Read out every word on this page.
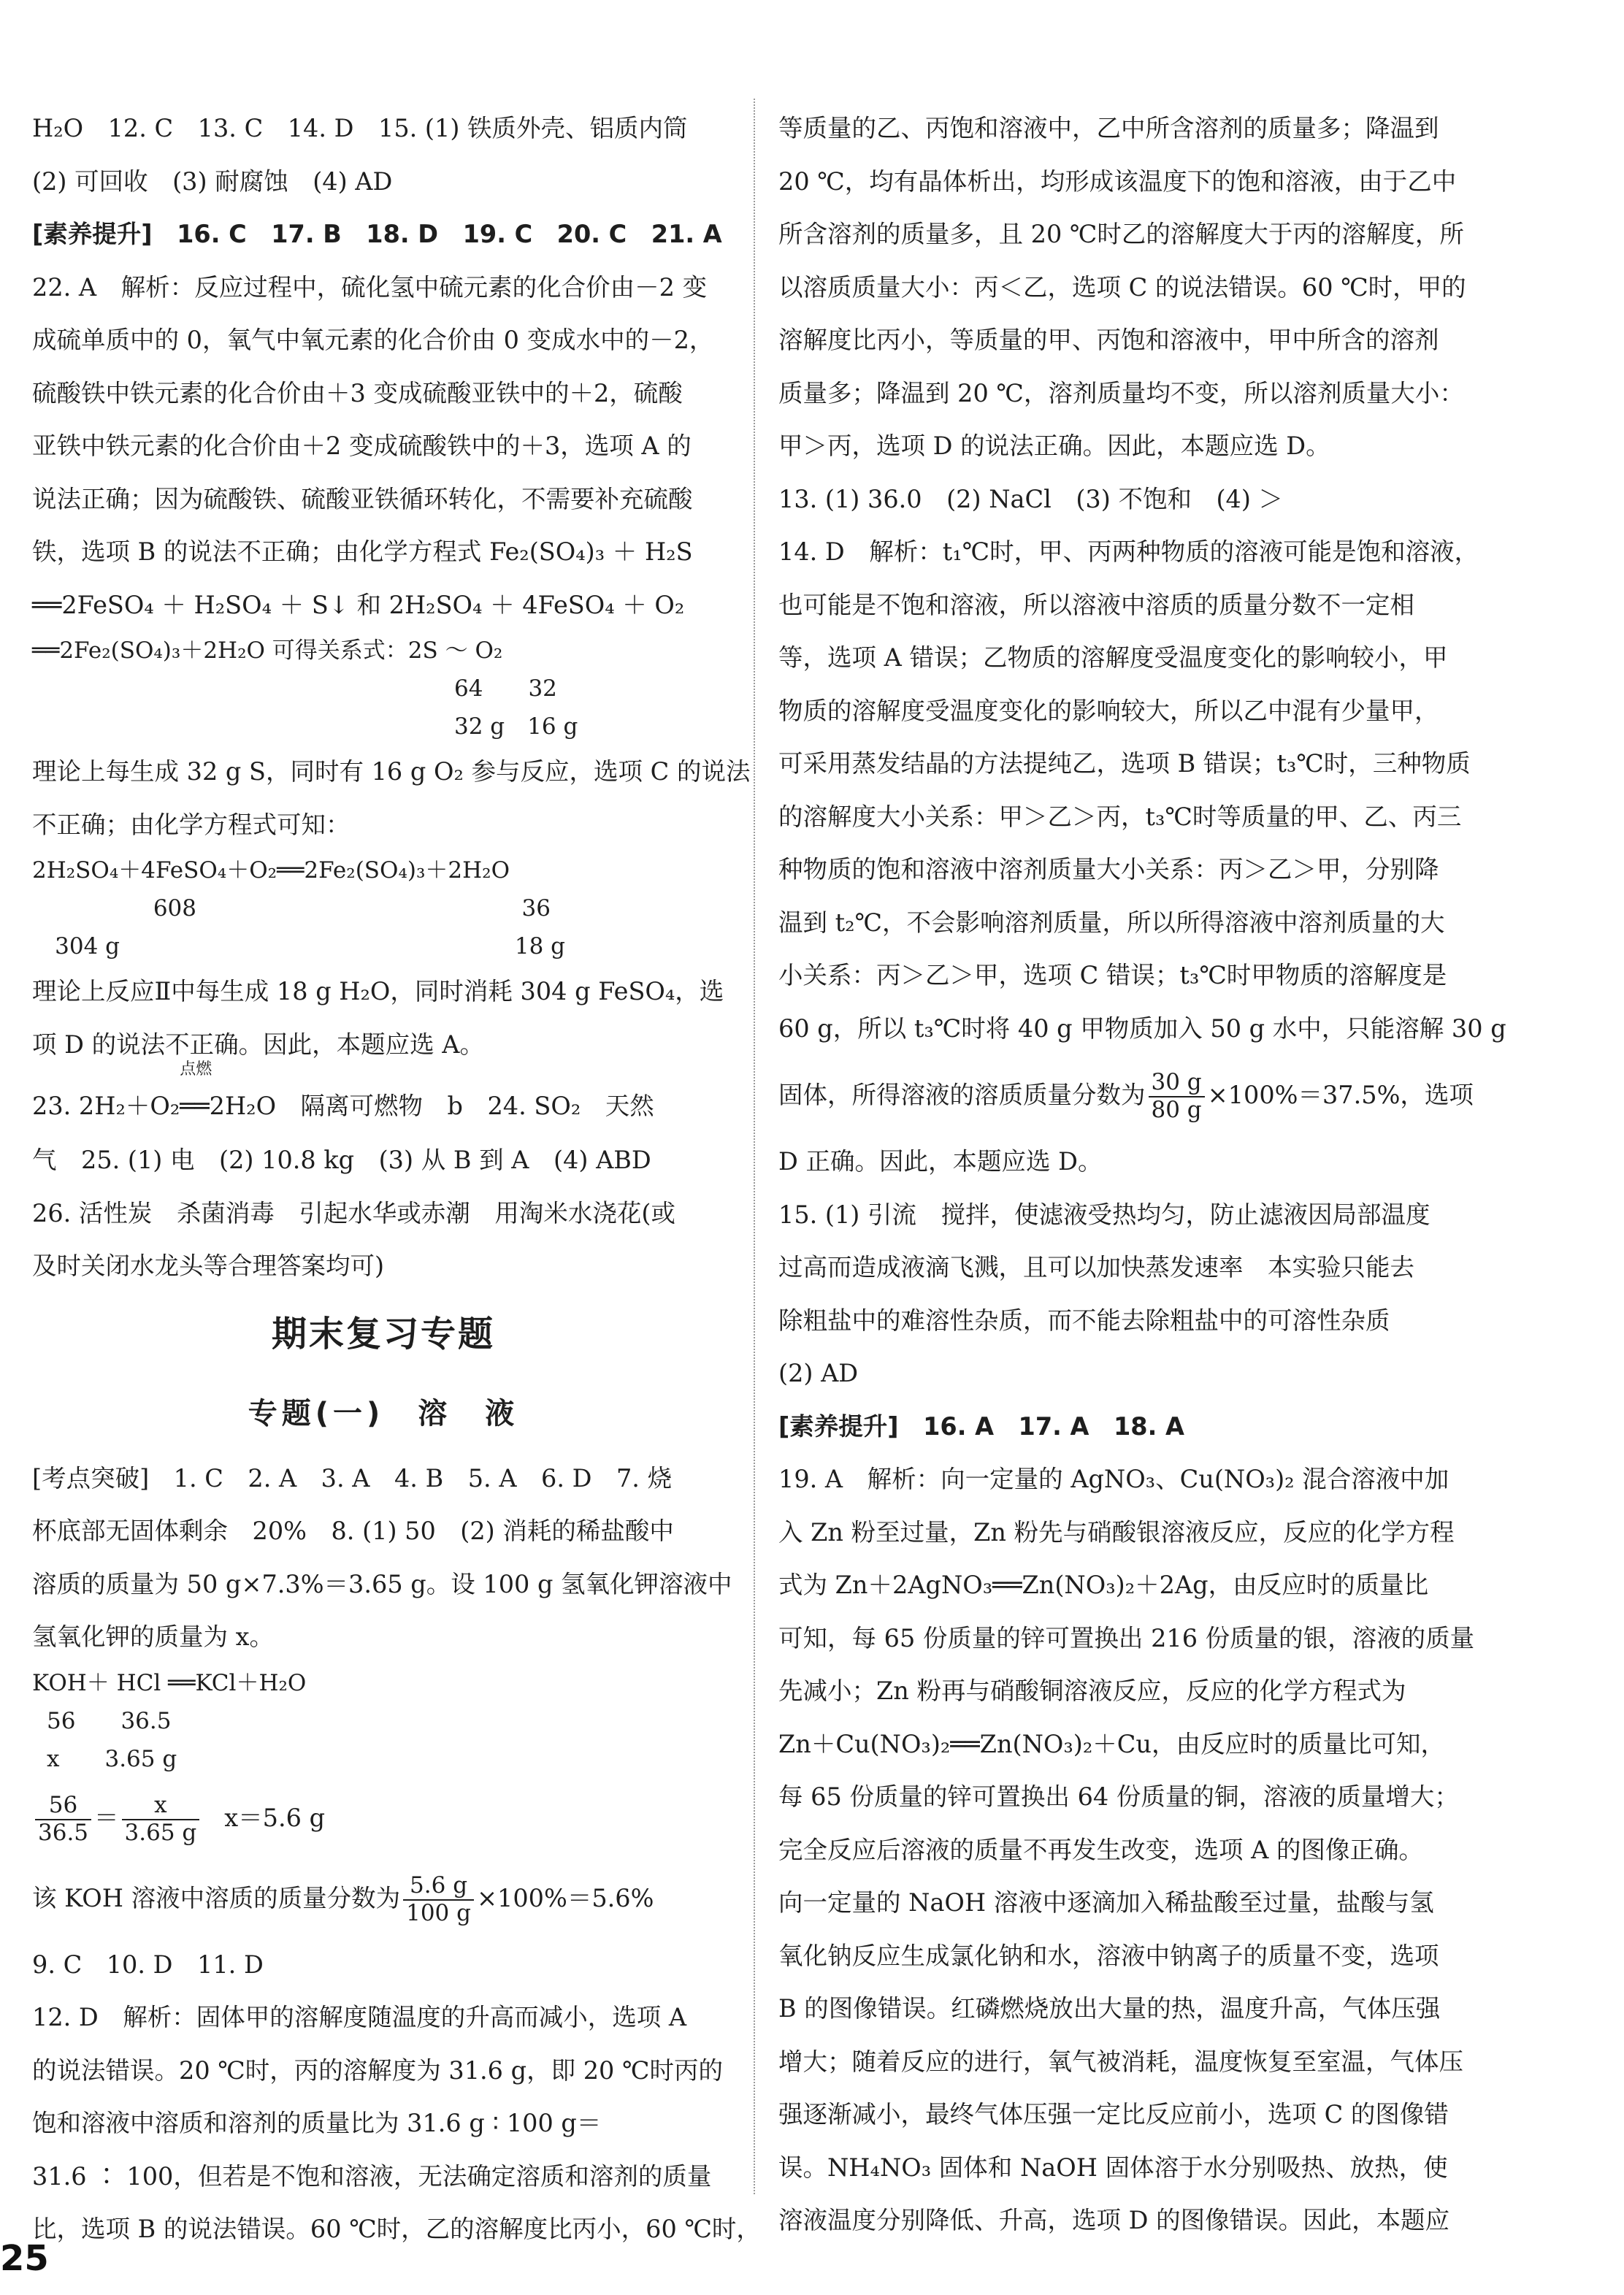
H₂O　12. C　13. C　14. D　15. (1) 铁质外壳、铝质内筒
(2) 可回收　(3) 耐腐蚀　(4) AD
[素养提升]　16. C　17. B　18. D　19. C　20. C　21. A
22. A　解析：反应过程中，硫化氢中硫元素的化合价由－2 变
成硫单质中的 0，氧气中氧元素的化合价由 0 变成水中的－2，
硫酸铁中铁元素的化合价由＋3 变成硫酸亚铁中的＋2，硫酸
亚铁中铁元素的化合价由＋2 变成硫酸铁中的＋3，选项 A 的
说法正确；因为硫酸铁、硫酸亚铁循环转化，不需要补充硫酸
铁，选项 B 的说法不正确；由化学方程式 Fe₂(SO₄)₃ ＋ H₂S
══2FeSO₄ ＋ H₂SO₄ ＋ S↓ 和 2H₂SO₄ ＋ 4FeSO₄ ＋ O₂
══2Fe₂(SO₄)₃＋2H₂O 可得关系式：2S ～ O₂
64　　32
32 g　16 g
理论上每生成 32 g S，同时有 16 g O₂ 参与反应，选项 C 的说法
不正确；由化学方程式可知：
2H₂SO₄＋4FeSO₄＋O₂══2Fe₂(SO₄)₃＋2H₂O
608	36
304 g	18 g
理论上反应Ⅱ中每生成 18 g H₂O，同时消耗 304 g FeSO₄，选
项 D 的说法不正确。因此，本题应选 A。
23. 2H₂＋O₂
点燃
══2H₂O　隔离可燃物　b　24. SO₂　天然
气　25. (1) 电　(2) 10.8 kg　(3) 从 B 到 A　(4) ABD
26. 活性炭　杀菌消毒　引起水华或赤潮　用淘米水浇花(或
及时关闭水龙头等合理答案均可)
期末复习专题
专题(一)　溶　液
[考点突破]　1. C　2. A　3. A　4. B　5. A　6. D　7. 烧
杯底部无固体剩余　20%　8. (1) 50　(2) 消耗的稀盐酸中
溶质的质量为 50 g×7.3%＝3.65 g。设 100 g 氢氧化钾溶液中
氢氧化钾的质量为 x。
KOH＋ HCl ══KCl＋H₂O
56　　36.5
x　　3.65 g
$\frac{56}{36.5} = \frac{x}{3.65 g} x=5.6$ g
该 KOH 溶液中溶质的质量分数为 $\frac{5.6 g}{100 g} \times 100\%=5.6\%$
9. C　10. D　11. D
12. D　解析：固体甲的溶解度随温度的升高而减小，选项 A
的说法错误。20 ℃时，丙的溶解度为 31.6 g，即 20 ℃时丙的
饱和溶液中溶质和溶剂的质量比为 31.6 g ∶ 100 g＝
31.6 ∶ 100，但若是不饱和溶液，无法确定溶质和溶剂的质量
比，选项 B 的说法错误。60 ℃时，乙的溶解度比丙小，60 ℃时，
等质量的乙、丙饱和溶液中，乙中所含溶剂的质量多；降温到
20 ℃，均有晶体析出，均形成该温度下的饱和溶液，由于乙中
所含溶剂的质量多，且 20 ℃时乙的溶解度大于丙的溶解度，所
以溶质质量大小：丙＜乙，选项 C 的说法错误。60 ℃时，甲的
溶解度比丙小，等质量的甲、丙饱和溶液中，甲中所含的溶剂
质量多；降温到 20 ℃，溶剂质量均不变，所以溶剂质量大小：
甲＞丙，选项 D 的说法正确。因此，本题应选 D。
13. (1) 36.0　(2) NaCl　(3) 不饱和　(4) ＞
14. D　解析：t₁℃时，甲、丙两种物质的溶液可能是饱和溶液，
也可能是不饱和溶液，所以溶液中溶质的质量分数不一定相
等，选项 A 错误；乙物质的溶解度受温度变化的影响较小，甲
物质的溶解度受温度变化的影响较大，所以乙中混有少量甲，
可采用蒸发结晶的方法提纯乙，选项 B 错误；t₃℃时，三种物质
的溶解度大小关系：甲＞乙＞丙，t₃℃时等质量的甲、乙、丙三
种物质的饱和溶液中溶剂质量大小关系：丙＞乙＞甲，分别降
温到 t₂℃，不会影响溶剂质量，所以所得溶液中溶剂质量的大
小关系：丙＞乙＞甲，选项 C 错误；t₃℃时甲物质的溶解度是
60 g，所以 t₃℃时将 40 g 甲物质加入 50 g 水中，只能溶解 30 g
固体，所得溶液的溶质质量分数为 $\frac{30 g}{80 g} \times 100\%=37.5\%$，选项
D 正确。因此，本题应选 D。
15. (1) 引流　搅拌，使滤液受热均匀，防止滤液因局部温度
过高而造成液滴飞溅，且可以加快蒸发速率　本实验只能去
除粗盐中的难溶性杂质，而不能去除粗盐中的可溶性杂质
(2) AD
[素养提升]　16. A　17. A　18. A
19. A　解析：向一定量的 AgNO₃、Cu(NO₃)₂ 混合溶液中加
入 Zn 粉至过量，Zn 粉先与硝酸银溶液反应，反应的化学方程
式为 Zn＋2AgNO₃══Zn(NO₃)₂＋2Ag，由反应时的质量比
可知，每 65 份质量的锌可置换出 216 份质量的银，溶液的质量
先减小；Zn 粉再与硝酸铜溶液反应，反应的化学方程式为
Zn＋Cu(NO₃)₂══Zn(NO₃)₂＋Cu，由反应时的质量比可知，
每 65 份质量的锌可置换出 64 份质量的铜，溶液的质量增大；
完全反应后溶液的质量不再发生改变，选项 A 的图像正确。
向一定量的 NaOH 溶液中逐滴加入稀盐酸至过量，盐酸与氢
氧化钠反应生成氯化钠和水，溶液中钠离子的质量不变，选项
B 的图像错误。红磷燃烧放出大量的热，温度升高，气体压强
增大；随着反应的进行，氧气被消耗，温度恢复至室温，气体压
强逐渐减小，最终气体压强一定比反应前小，选项 C 的图像错
误。NH₄NO₃ 固体和 NaOH 固体溶于水分别吸热、放热，使
溶液温度分别降低、升高，选项 D 的图像错误。因此，本题应
25
